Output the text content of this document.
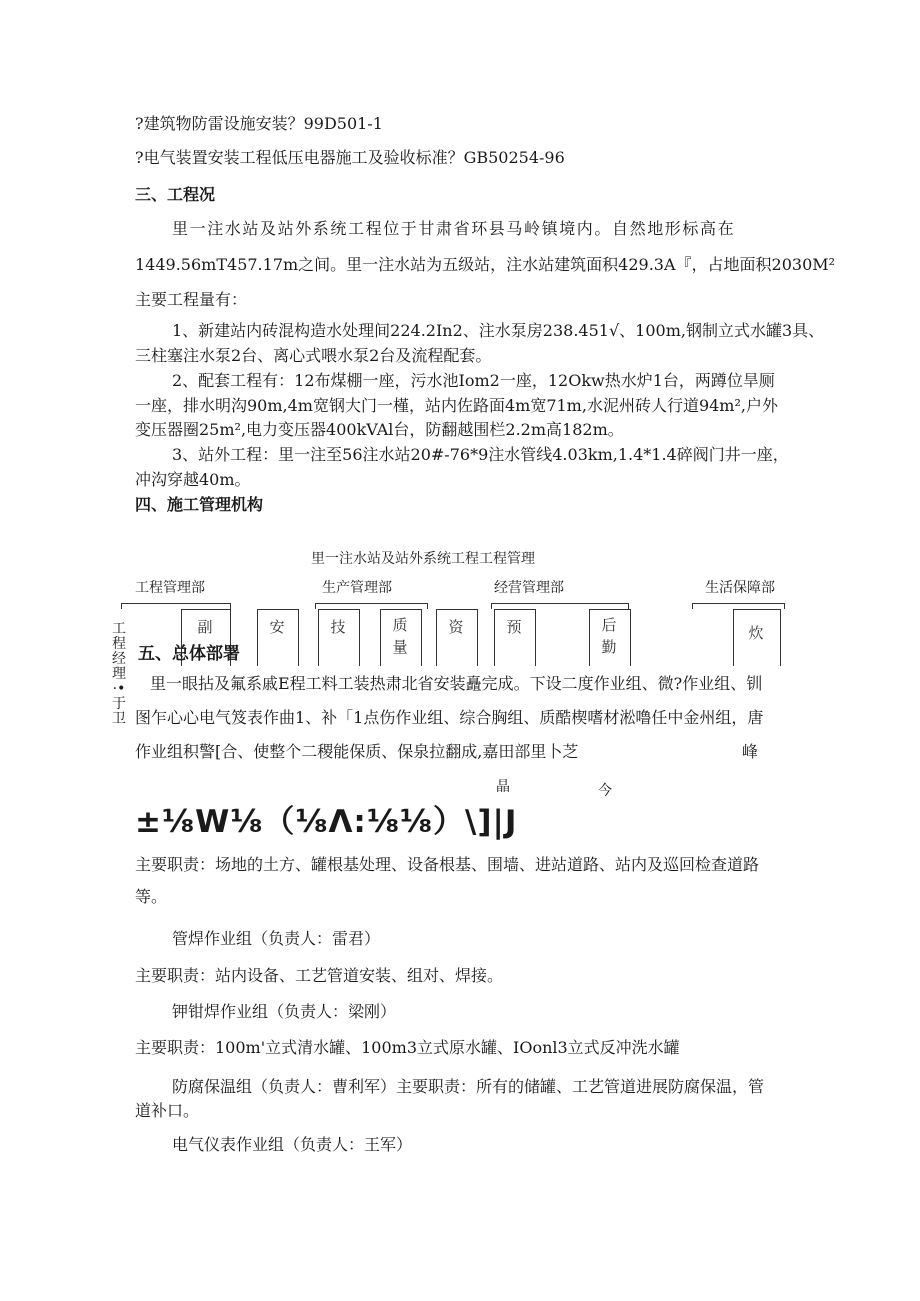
?建筑物防雷设施安装？99D501-1
?电气装置安装工程低压电器施工及验收标准？GB50254-96
三、工程况
里一注水站及站外系统工程位于甘肃省环县马岭镇境内。自然地形标高在
1449.56mT457.17m之间。里一注水站为五级站，注水站建筑面积429.3A『，占地面积2030M²
主要工程量有：
1、新建站内砖混构造水处理间224.2In2、注水泵房238.451√、100m,钢制立式水罐3具、
三柱塞注水泵2台、离心式喂水泵2台及流程配套。
2、配套工程有：12布煤棚一座，污水池Iom2一座，12Okw热水炉1台，两蹲位旱厕
一座，排水明沟90m,4m宽钢大门一槿，站内佐路面4m宽71m,水泥州砖人行道94m²,户外
变压器圈25m²,电力变压器400kVAl台，防翻越围栏2.2m高182m。
3、站外工程：里一注至56注水站20#-76*9注水管线4.03km,1.4*1.4碎阀门井一座，
冲沟穿越40m。
四、施工管理机构
里一注水站及站外系统工程工程管理
工程管理部	生产管理部	经营管理部	生活保障部
副	安	技	质量
资	预	后勤
炊
工程经理·•于卫
五、总体部署
里一眼拈及氟系戚E程工料工装热肃北省安装矗完成。下设二度作业组、微?作业组、钏
图乍心心电气笈表作曲1、补「1点伤作业组、综合胸组、质酷楔嗜材淞噜任中金州组，唐
作业组积警[合、使整个二稷能保质、保泉拉翻成,嘉田部里卜芝	峰
晶	今
±⅛W⅛（⅛Λ:⅛⅛）\]|J
主要职责：场地的土方、罐根基处理、设备根基、围墙、进站道路、站内及巡回检查道路
等。
管焊作业组（负责人：雷君）
主要职责：站内设备、工艺管道安装、组对、焊接。
钾钳焊作业组（负责人：梁刚）
主要职责：100m'立式清水罐、100m3立式原水罐、IOonl3立式反冲洗水罐
防腐保温组（负责人：曹利军）主要职责：所有的储罐、工艺管道进展防腐保温，管
道补口。
电气仪表作业组（负责人：王军）
